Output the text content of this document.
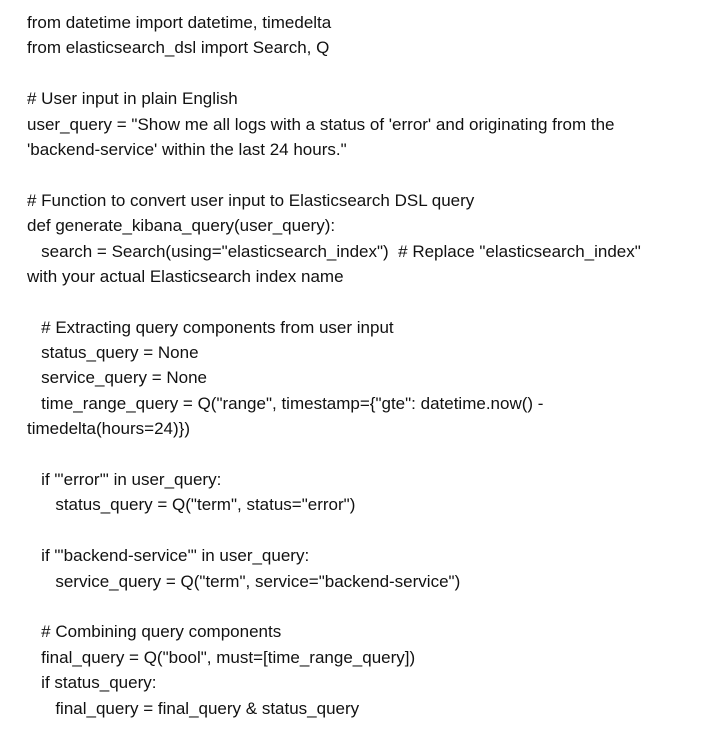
from datetime import datetime, timedelta
from elasticsearch_dsl import Search, Q
# User input in plain English
user_query = "Show me all logs with a status of 'error' and originating from the
'backend-service' within the last 24 hours."
# Function to convert user input to Elasticsearch DSL query
def generate_kibana_query(user_query):
search = Search(using="elasticsearch_index")  # Replace "elasticsearch_index"
with your actual Elasticsearch index name
# Extracting query components from user input
status_query = None
service_query = None
time_range_query = Q("range", timestamp={"gte": datetime.now() -
timedelta(hours=24)})
if "'error'" in user_query:
status_query = Q("term", status="error")
if "'backend-service'" in user_query:
service_query = Q("term", service="backend-service")
# Combining query components
final_query = Q("bool", must=[time_range_query])
if status_query:
final_query = final_query & status_query
